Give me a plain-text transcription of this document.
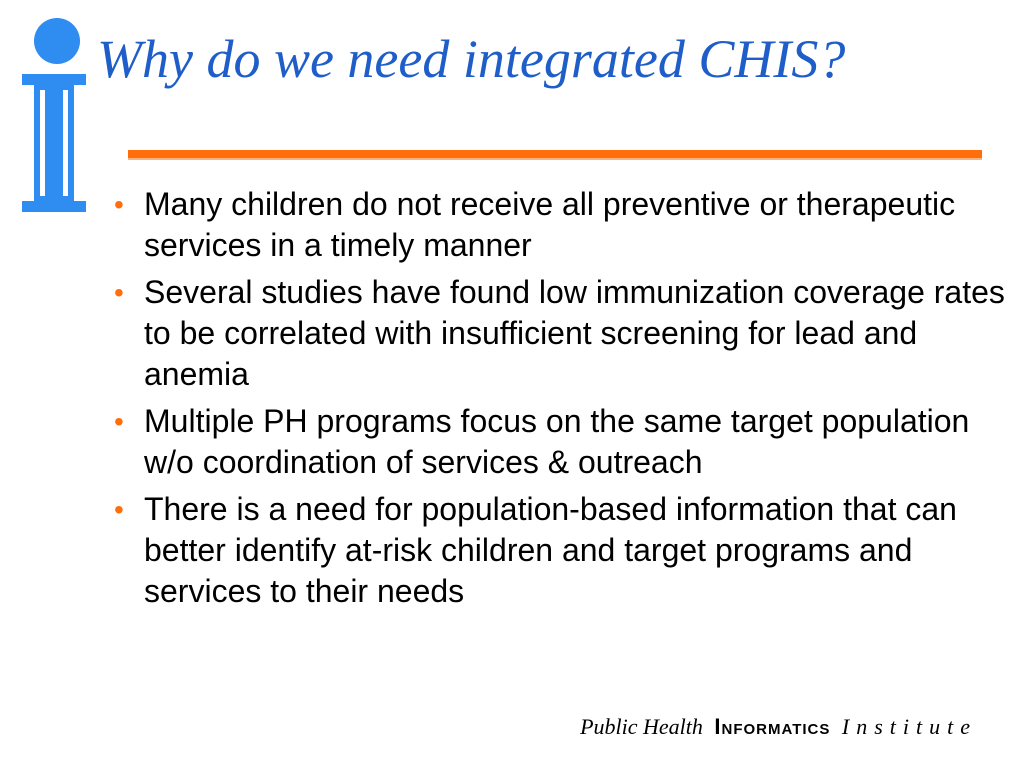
Why do we need integrated CHIS?
• Many children do not receive all preventive or therapeutic services in a timely manner
• Several studies have found low immunization coverage rates to be correlated with insufficient screening for lead and anemia
• Multiple PH programs focus on the same target population w/o coordination of services & outreach
• There is a need for population-based information that can better identify at-risk children and target programs and services to their needs
Public Health Informatics Institute
